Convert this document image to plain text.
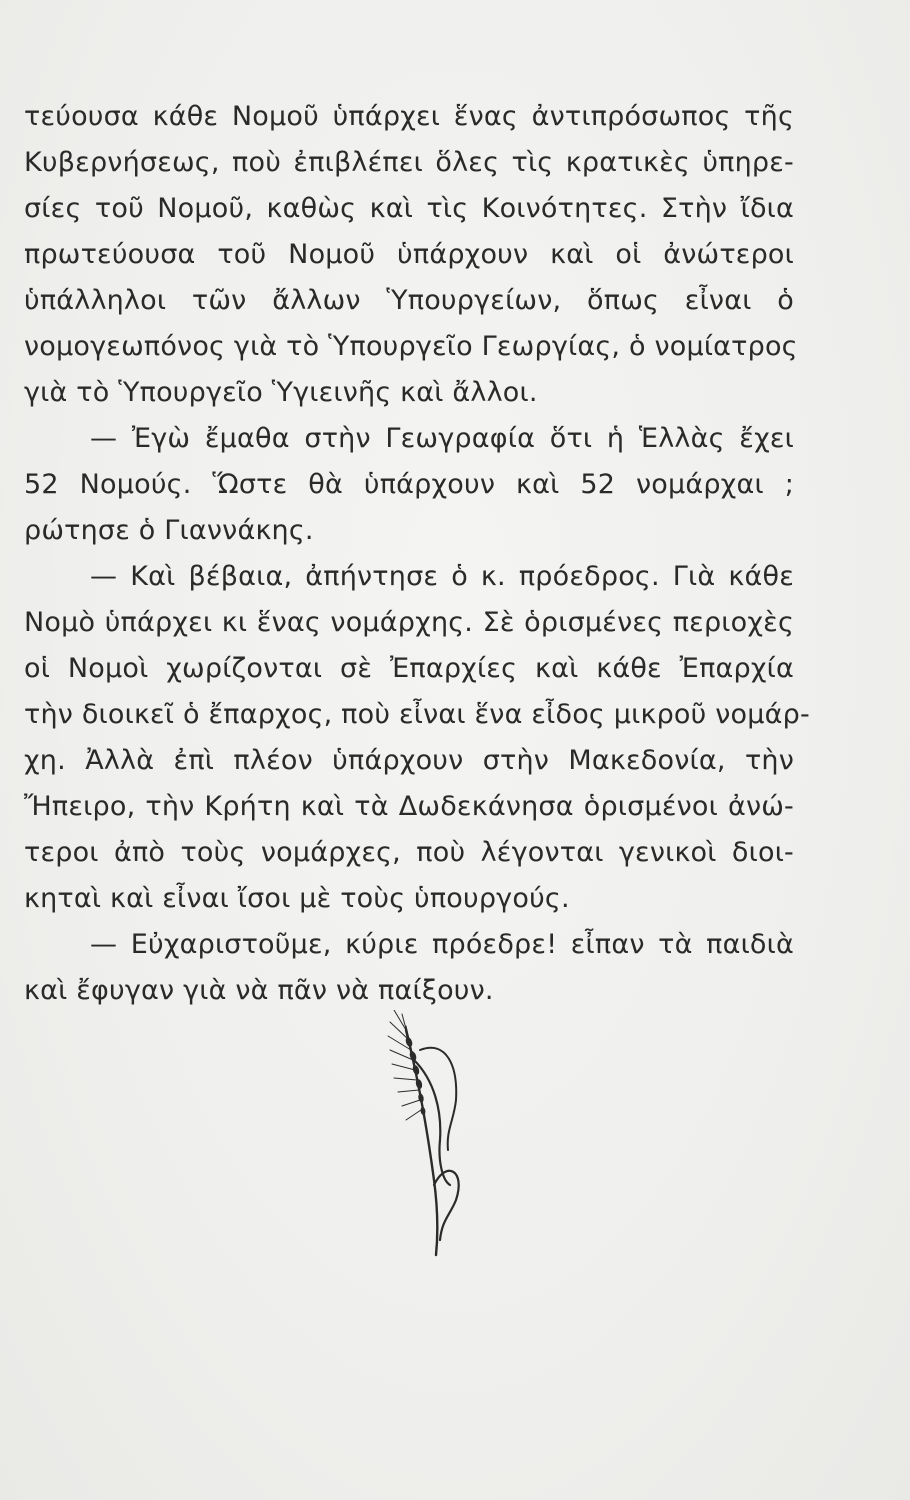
τεύουσα κάθε Νομοῦ ὑπάρχει ἕνας ἀντιπρόσωπος τῆς
Κυβερνήσεως, ποὺ ἐπιβλέπει ὅλες τὶς κρατικὲς ὑπηρε-
σίες τοῦ Νομοῦ, καθὼς καὶ τὶς Κοινότητες. Στὴν ἴδια
πρωτεύουσα τοῦ Νομοῦ ὑπάρχουν καὶ οἱ ἀνώτεροι
ὑπάλληλοι τῶν ἄλλων Ὑπουργείων, ὅπως εἶναι ὁ
νομογεωπόνος γιὰ τὸ Ὑπουργεῖο Γεωργίας, ὁ νομίατρος
γιὰ τὸ Ὑπουργεῖο Ὑγιεινῆς καὶ ἄλλοι.
— Ἐγὼ ἔμαθα στὴν Γεωγραφία ὅτι ἡ Ἑλλὰς ἔχει
52 Νομούς. Ὥστε θὰ ὑπάρχουν καὶ 52 νομάρχαι ;
ρώτησε ὁ Γιαννάκης.
— Καὶ βέβαια, ἀπήντησε ὁ κ. πρόεδρος. Γιὰ κάθε
Νομὸ ὑπάρχει κι ἕνας νομάρχης. Σὲ ὁρισμένες περιοχὲς
οἱ Νομοὶ χωρίζονται σὲ Ἐπαρχίες καὶ κάθε Ἐπαρχία
τὴν διοικεῖ ὁ ἔπαρχος, ποὺ εἶναι ἕνα εἶδος μικροῦ νομάρ-
χη. Ἀλλὰ ἐπὶ πλέον ὑπάρχουν στὴν Μακεδονία, τὴν
Ἤπειρο, τὴν Κρήτη καὶ τὰ Δωδεκάνησα ὁρισμένοι ἀνώ-
τεροι ἀπὸ τοὺς νομάρχες, ποὺ λέγονται γενικοὶ διοι-
κηταὶ καὶ εἶναι ἴσοι μὲ τοὺς ὑπουργούς.
— Εὐχαριστοῦμε, κύριε πρόεδρε! εἶπαν τὰ παιδιὰ
καὶ ἔφυγαν γιὰ νὰ πᾶν νὰ παίξουν.
